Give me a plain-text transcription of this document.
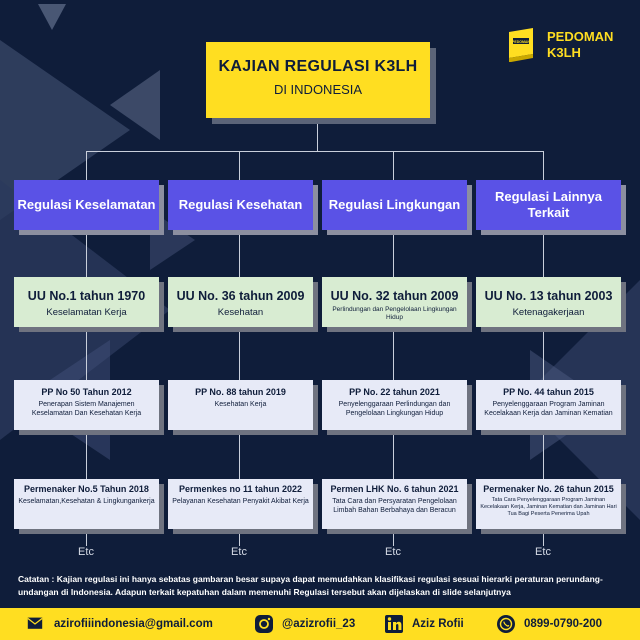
KAJIAN REGULASI K3LH
DI INDONESIA
PEDOMAN PEDOMAN
K3LH
Regulasi Keselamatan
UU No.1 tahun 1970
Keselamatan Kerja
PP No 50 Tahun 2012
Penerapan Sistem Manajemen Keselamatan Dan Kesehatan Kerja
Permenaker No.5 Tahun 2018
Keselamatan,Kesehatan & Lingkungankerja
Etc
Regulasi Kesehatan
UU No. 36 tahun 2009
Kesehatan
PP No. 88 tahun 2019
Kesehatan Kerja
Permenkes no 11 tahun 2022
Pelayanan Kesehatan Penyakit Akibat Kerja
Etc
Regulasi Lingkungan
UU No. 32 tahun 2009
Perlindungan dan Pengelolaan Lingkungan Hidup
PP No. 22 tahun 2021
Penyelenggaraan Perlindungan dan Pengelolaan Lingkungan Hidup
Permen LHK No. 6 tahun 2021
Tata Cara dan Persyaratan Pengelolaan Limbah Bahan Berbahaya dan Beracun
Etc
Regulasi Lainnya Terkait
UU No. 13 tahun 2003
Ketenagakerjaan
PP No. 44 tahun 2015
Penyelenggaraan Program Jaminan Kecelakaan Kerja dan Jaminan Kematian
Permenaker No. 26 tahun 2015
Tata Cara Penyelenggaraan Program Jaminan Kecelakaan Kerja, Jaminan Kematian dan Jaminan Hari Tua Bagi Peserta Penerima Upah
Etc
Catatan : Kajian regulasi ini hanya sebatas gambaran besar supaya dapat memudahkan klasifikasi regulasi sesuai hierarki peraturan perundang-undangan di Indonesia. Adapun terkait kepatuhan dalam memenuhi Regulasi tersebut akan dijelaskan di slide selanjutnya
azirofiiindonesia@gmail.com	@azizrofii_23	Aziz Rofii	0899-0790-200
